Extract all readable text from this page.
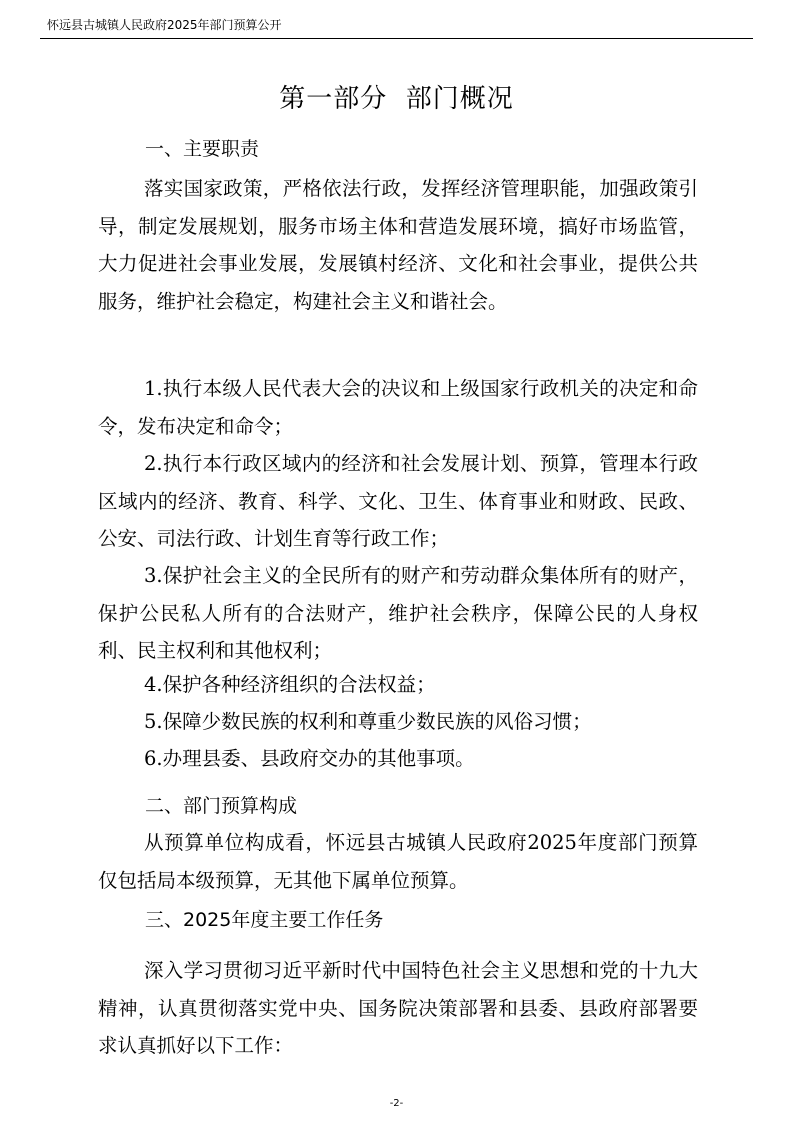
怀远县古城镇人民政府2025年部门预算公开
第一部分  部门概况
一、主要职责
落实国家政策，严格依法行政，发挥经济管理职能，加强政策引导，制定发展规划，服务市场主体和营造发展环境，搞好市场监管，大力促进社会事业发展，发展镇村经济、文化和社会事业，提供公共服务，维护社会稳定，构建社会主义和谐社会。
1.执行本级人民代表大会的决议和上级国家行政机关的决定和命令，发布决定和命令；
2.执行本行政区域内的经济和社会发展计划、预算，管理本行政区域内的经济、教育、科学、文化、卫生、体育事业和财政、民政、公安、司法行政、计划生育等行政工作；
3.保护社会主义的全民所有的财产和劳动群众集体所有的财产，保护公民私人所有的合法财产，维护社会秩序，保障公民的人身权利、民主权利和其他权利；
4.保护各种经济组织的合法权益；
5.保障少数民族的权利和尊重少数民族的风俗习惯；
6.办理县委、县政府交办的其他事项。
二、部门预算构成
从预算单位构成看，怀远县古城镇人民政府2025年度部门预算仅包括局本级预算，无其他下属单位预算。
三、2025年度主要工作任务
深入学习贯彻习近平新时代中国特色社会主义思想和党的十九大精神，认真贯彻落实党中央、国务院决策部署和县委、县政府部署要求认真抓好以下工作：
-2-
